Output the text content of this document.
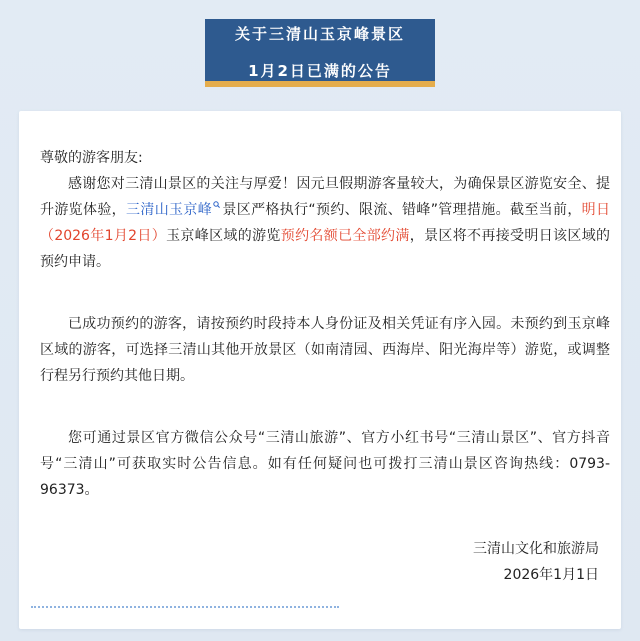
关于三清山玉京峰景区
1月2日已满的公告
尊敬的游客朋友:
感谢您对三清山景区的关注与厚爱！因元旦假期游客量较大，为确保景区游览安全、提升游览体验，三清山玉京峰 景区严格执行“预约、限流、错峰”管理措施。截至当前，明日（2026年1月2日）玉京峰区域的游览预约名额已全部约满，景区将不再接受明日该区域的预约申请。
已成功预约的游客，请按预约时段持本人身份证及相关凭证有序入园。未预约到玉京峰区域的游客，可选择三清山其他开放景区（如南清园、西海岸、阳光海岸等）游览，或调整行程另行预约其他日期。
您可通过景区官方微信公众号“三清山旅游”、官方小红书号“三清山景区”、官方抖音号“三清山”可获取实时公告信息。如有任何疑问也可拨打三清山景区咨询热线：0793-96373。
三清山文化和旅游局
2026年1月1日
